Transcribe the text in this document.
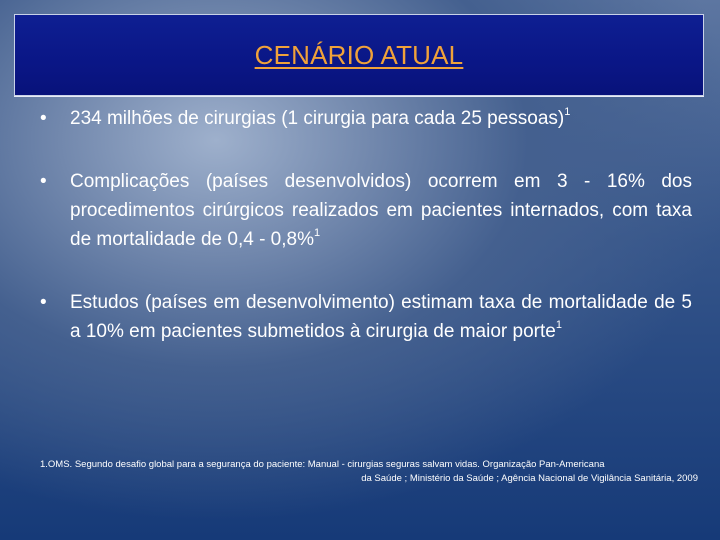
CENÁRIO ATUAL
• 234 milhões de cirurgias (1 cirurgia para cada 25 pessoas)$^1$
• Complicações (países desenvolvidos) ocorrem em 3 - 16% dos procedimentos cirúrgicos realizados em pacientes internados, com taxa de mortalidade de 0,4 - 0,8%$^1$
• Estudos (países em desenvolvimento) estimam taxa de mortalidade de 5 a 10% em pacientes submetidos à cirurgia de maior porte$^1$
1.OMS. Segundo desafio global para a segurança do paciente: Manual - cirurgias seguras salvam vidas. Organização Pan-Americana
da Saúde ; Ministério da Saúde ; Agência Nacional de Vigilância Sanitária, 2009
